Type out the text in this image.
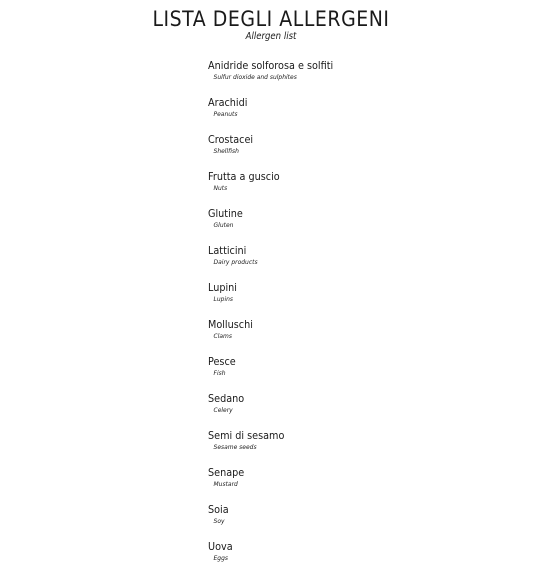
LISTA DEGLI ALLERGENI

Allergen list

Anidride solforosa e solfiti
Sulfur dioxide and sulphites
Arachidi
Peanuts
Crostacei
Shellfish
Frutta a guscio
Nuts
Glutine
Gluten
Latticini
Dairy products
Lupini
Lupins
Molluschi
Clams
Pesce
Fish
Sedano
Celery
Semi di sesamo
Sesame seeds
Senape
Mustard
Soia
Soy
Uova
Eggs
